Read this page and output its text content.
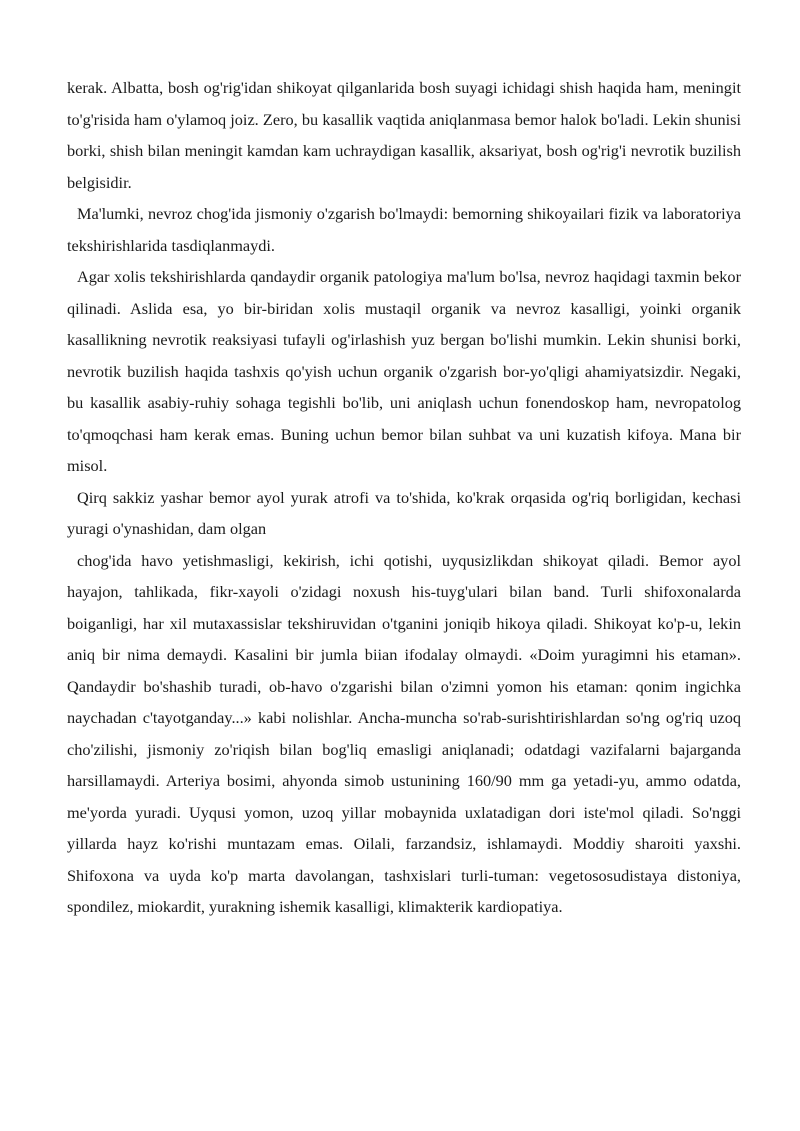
kerak. Albatta, bosh og'rig'idan shikoyat qilganlarida bosh suyagi ichidagi shish haqida ham, meningit to'g'risida ham o'ylamoq joiz. Zero, bu kasallik vaqtida aniqlanmasa bemor halok bo'ladi. Lekin shunisi borki, shish bilan meningit kamdan kam uchraydigan kasallik, aksariyat, bosh og'rig'i nevrotik buzilish belgisidir.

Ma'lumki, nevroz chog'ida jismoniy o'zgarish bo'lmaydi: bemorning shikoyailari fizik va laboratoriya tekshirishlarida tasdiqlanmaydi.

Agar xolis tekshirishlarda qandaydir organik patologiya ma'lum bo'lsa, nevroz haqidagi taxmin bekor qilinadi. Aslida esa, yo bir-biridan xolis mustaqil organik va nevroz kasalligi, yoinki organik kasallikning nevrotik reaksiyasi tufayli og'irlashish yuz bergan bo'lishi mumkin. Lekin shunisi borki, nevrotik buzilish haqida tashxis qo'yish uchun organik o'zgarish bor-yo'qligi ahamiyatsizdir. Negaki, bu kasallik asabiy-ruhiy sohaga tegishli bo'lib, uni aniqlash uchun fonendoskop ham, nevropatolog to'qmoqchasi ham kerak emas. Buning uchun bemor bilan suhbat va uni kuzatish kifoya. Mana bir misol.

Qirq sakkiz yashar bemor ayol yurak atrofi va to'shida, ko'krak orqasida og'riq borligidan, kechasi yuragi o'ynashidan, dam olgan

chog'ida havo yetishmasligi, kekirish, ichi qotishi, uyqusizlikdan shikoyat qiladi. Bemor ayol hayajon, tahlikada, fikr-xayoli o'zidagi noxush his-tuyg'ulari bilan band. Turli shifoxonalarda boiganligi, har xil mutaxassislar tekshiruvidan o'tganini joniqib hikoya qiladi. Shikoyat ko'p-u, lekin aniq bir nima demaydi. Kasalini bir jumla biian ifodalay olmaydi. «Doim yuragimni his etaman». Qandaydir bo'shashib turadi, ob-havo o'zgarishi bilan o'zimni yomon his etaman: qonim ingichka naychadan c'tayotganday...» kabi nolishlar. Ancha-muncha so'rab-surishtirishlardan so'ng og'riq uzoq cho'zilishi, jismoniy zo'riqish bilan bog'liq emasligi aniqlanadi; odatdagi vazifalarni bajarganda harsillamaydi. Arteriya bosimi, ahyonda simob ustunining 160/90 mm ga yetadi-yu, ammo odatda, me'yorda yuradi. Uyqusi yomon, uzoq yillar mobaynida uxlatadigan dori iste'mol qiladi. So'nggi yillarda hayz ko'rishi muntazam emas. Oilali, farzandsiz, ishlamaydi. Moddiy sharoiti yaxshi. Shifoxona va uyda ko'p marta davolangan, tashxislari turli-tuman: vegetososudistaya distoniya, spondilez, miokardit, yurakning ishemik kasalligi, klimakterik kardiopatiya.
